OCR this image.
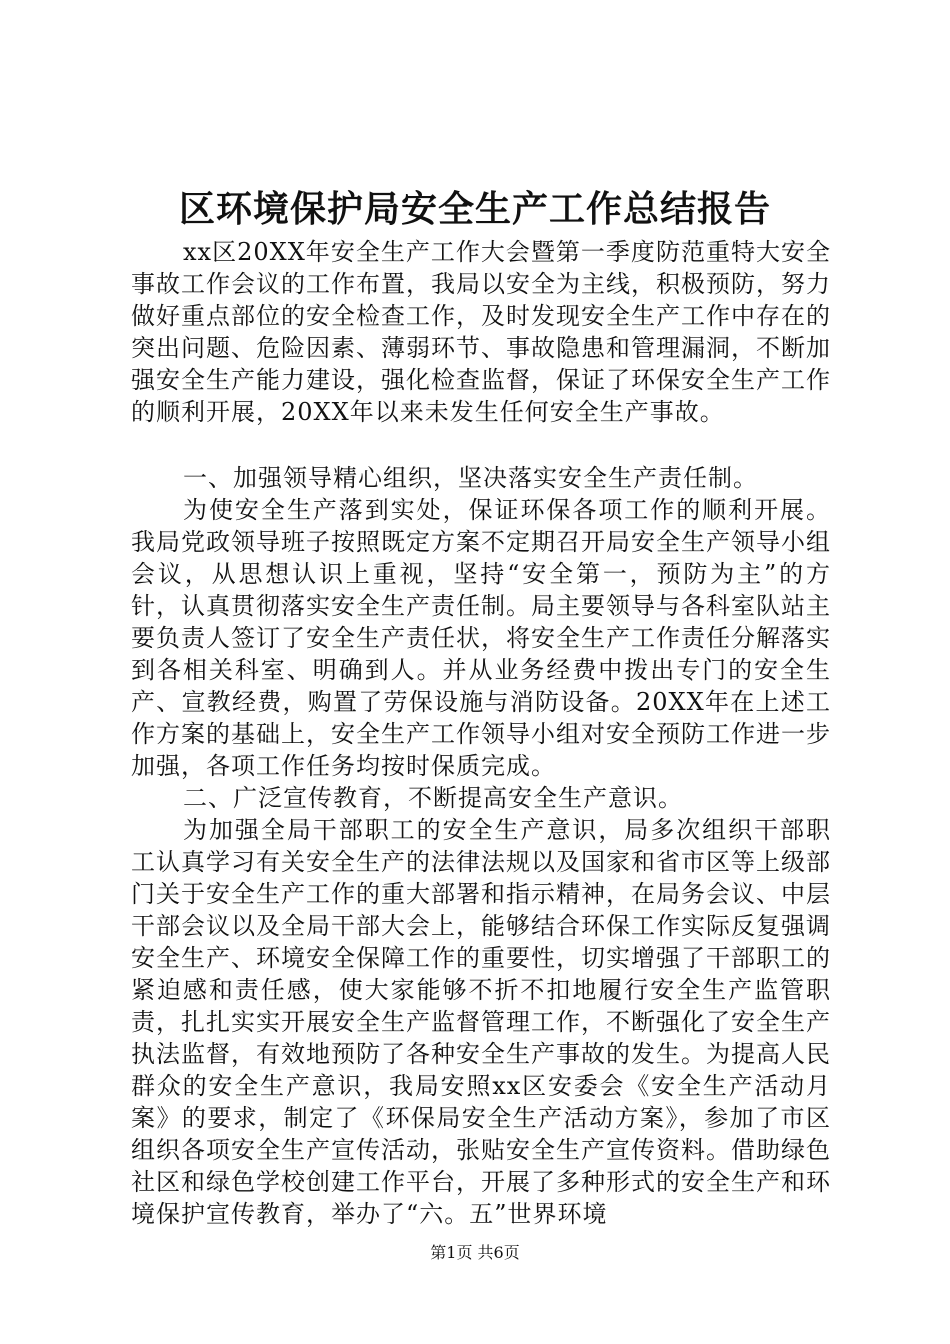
区环境保护局安全生产工作总结报告

xx区20XX年安全生产工作大会暨第一季度防范重特大安全事故工作会议的工作布置，我局以安全为主线，积极预防，努力做好重点部位的安全检查工作，及时发现安全生产工作中存在的突出问题、危险因素、薄弱环节、事故隐患和管理漏洞，不断加强安全生产能力建设，强化检查监督，保证了环保安全生产工作的顺利开展，20XX年以来未发生任何安全生产事故。

一、加强领导精心组织，坚决落实安全生产责任制。

为使安全生产落到实处，保证环保各项工作的顺利开展。我局党政领导班子按照既定方案不定期召开局安全生产领导小组会议，从思想认识上重视，坚持“安全第一，预防为主”的方针，认真贯彻落实安全生产责任制。局主要领导与各科室队站主要负责人签订了安全生产责任状，将安全生产工作责任分解落实到各相关科室、明确到人。并从业务经费中拨出专门的安全生产、宣教经费，购置了劳保设施与消防设备。20XX年在上述工作方案的基础上，安全生产工作领导小组对安全预防工作进一步加强，各项工作任务均按时保质完成。

二、广泛宣传教育，不断提高安全生产意识。

为加强全局干部职工的安全生产意识，局多次组织干部职工认真学习有关安全生产的法律法规以及国家和省市区等上级部门关于安全生产工作的重大部署和指示精神，在局务会议、中层干部会议以及全局干部大会上，能够结合环保工作实际反复强调安全生产、环境安全保障工作的重要性，切实增强了干部职工的紧迫感和责任感，使大家能够不折不扣地履行安全生产监管职责，扎扎实实开展安全生产监督管理工作，不断强化了安全生产执法监督，有效地预防了各种安全生产事故的发生。为提高人民群众的安全生产意识，我局安照xx区安委会《安全生产活动月案》的要求，制定了《环保局安全生产活动方案》，参加了市区组织各项安全生产宣传活动，张贴安全生产宣传资料。借助绿色社区和绿色学校创建工作平台，开展了多种形式的安全生产和环境保护宣传教育，举办了“六。五”世界环境

第1页 共6页
